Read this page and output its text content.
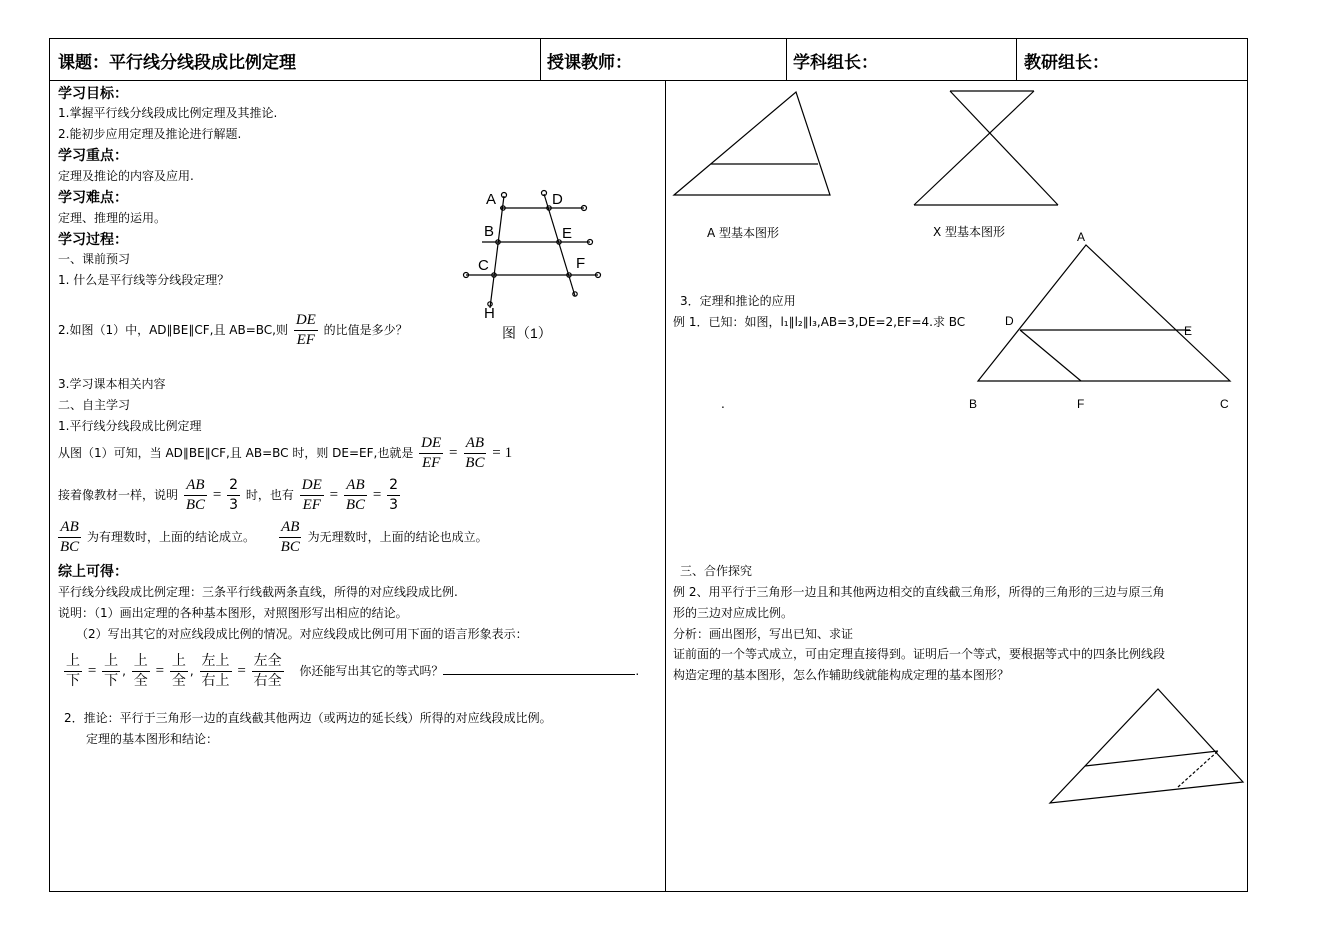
课题：平行线分线段成比例定理	授课教师：	学科组长：	教研组长：
学习目标：
1.掌握平行线分线段成比例定理及其推论.
2.能初步应用定理及推论进行解题.
学习重点：
定理及推论的内容及应用.
学习难点：
定理、推理的运用。
学习过程：
一、课前预习
1. 什么是平行线等分线段定理？
2.如图（1）中，AD∥BE∥CF,且 AB=BC,则 $\frac{DE}{EF}$ 的比值是多少？
A
B
C
D
E
F
H
图（1）
3.学习课本相关内容
二、自主学习
1.平行线分线段成比例定理
从图（1）可知，当 AD∥BE∥CF,且 AB=BC 时，则 DE=EF,也就是 $\frac{DE}{EF} = \frac{AB}{BC} = 1$
接着像教材一样，说明 $\frac{AB}{BC} = \frac{2}{3}$ 时，也有 $\frac{DE}{EF} = \frac{AB}{BC} = \frac{2}{3}$
$\frac{AB}{BC}$ 为有理数时，上面的结论成立。 $\frac{AB}{BC}$ 为无理数时，上面的结论也成立。
综上可得：
平行线分线段成比例定理：三条平行线截两条直线，所得的对应线段成比例.
说明：（1）画出定理的各种基本图形，对照图形写出相应的结论。
（2）写出其它的对应线段成比例的情况。对应线段成比例可用下面的语言形象表示：
上
下
=
上
下
,
上
全
=
上
全
,
左上
右上
=
左全
右全
你还能写出其它的等式吗？	.
2．推论：平行于三角形一边的直线截其他两边（或两边的延长线）所得的对应线段成比例。
定理的基本图形和结论：
A 型基本图形	X 型基本图形
3．定理和推论的应用
例 1．已知：如图，l₁∥l₂∥l₃,AB=3,DE=2,EF=4.求 BC
.
A
D
E
B	F	C
三、合作探究
例 2、用平行于三角形一边且和其他两边相交的直线截三角形，所得的三角形的三边与原三角
形的三边对应成比例。
分析：画出图形，写出已知、求证
证前面的一个等式成立，可由定理直接得到。证明后一个等式，要根据等式中的四条比例线段
构造定理的基本图形，怎么作辅助线就能构成定理的基本图形？
